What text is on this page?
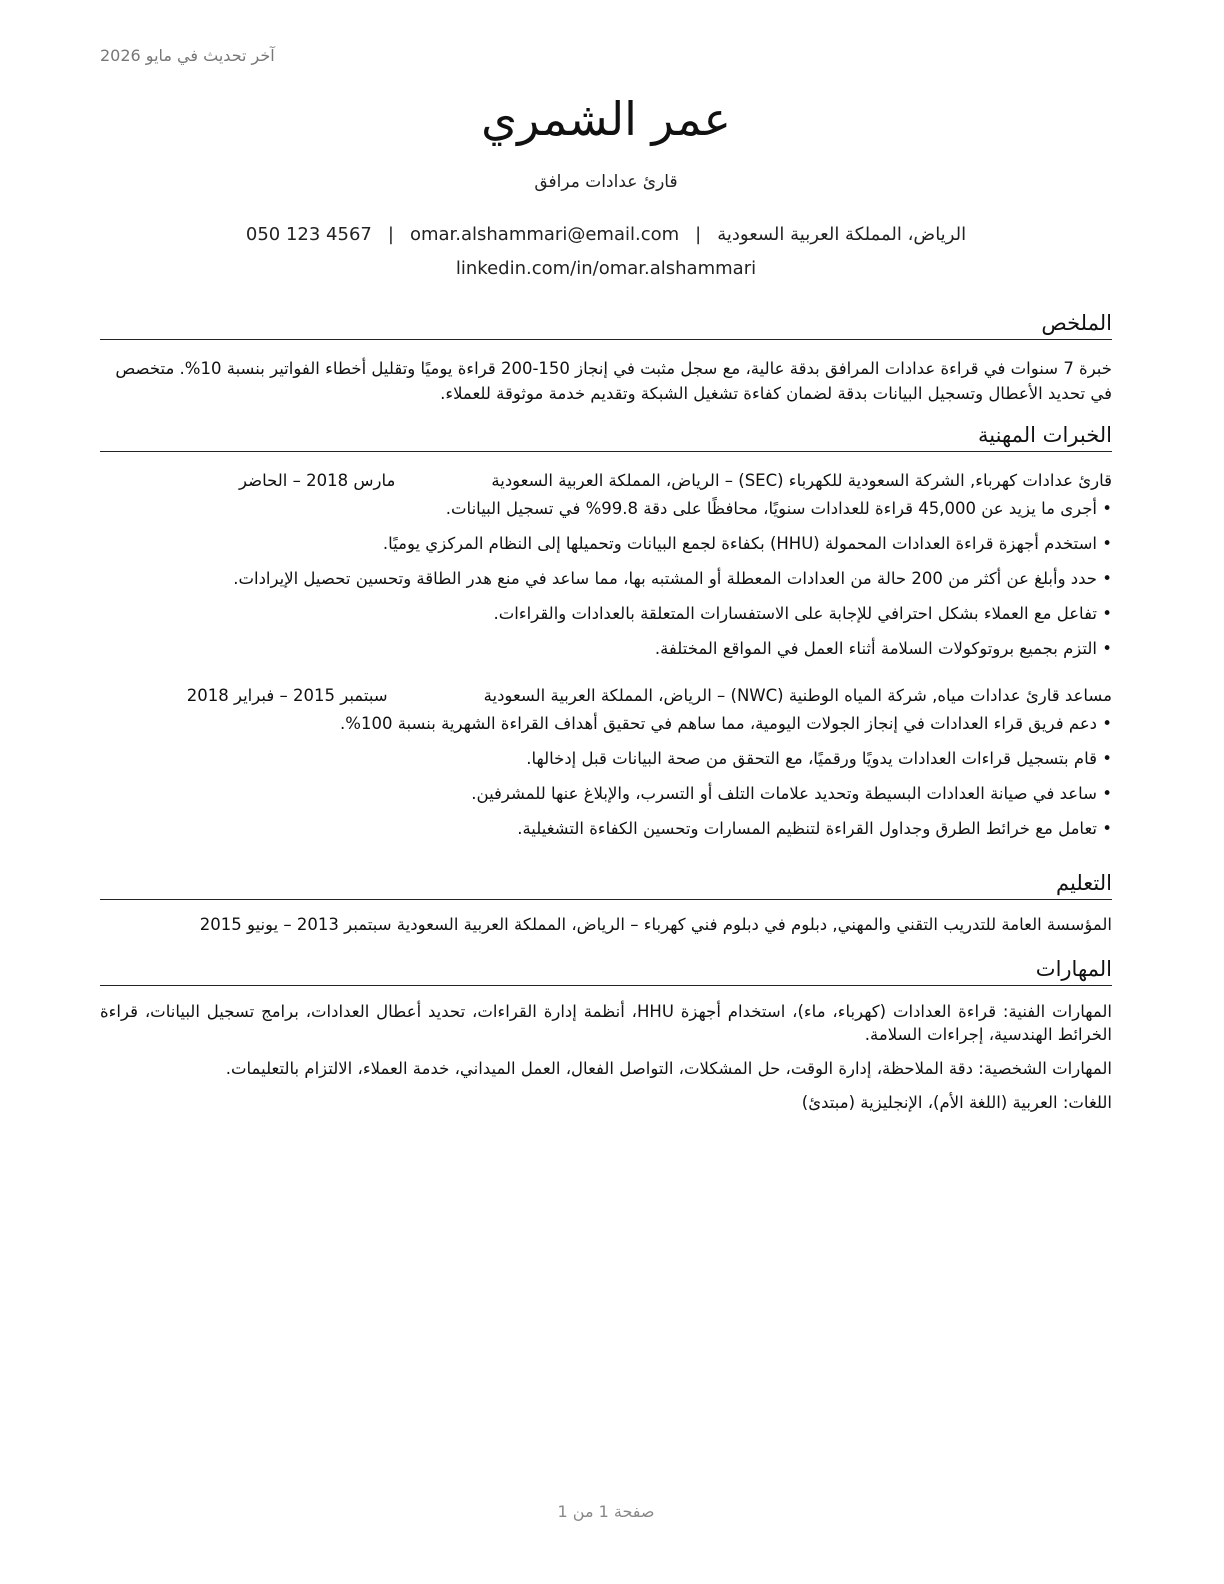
آخر تحديث في مايو 2026
عمر الشمري
قارئ عدادات مرافق
الرياض، المملكة العربية السعودية|omar.alshammari@email.com|050 123 4567
linkedin.com/in/omar.alshammari
الملخص

خبرة 7 سنوات في قراءة عدادات المرافق بدقة عالية، مع سجل مثبت في إنجاز 150-200 قراءة يوميًا وتقليل أخطاء الفواتير بنسبة 10%. متخصص في تحديد الأعطال وتسجيل البيانات بدقة لضمان كفاءة تشغيل الشبكة وتقديم خدمة موثوقة للعملاء.

الخبرات المهنية
قارئ عدادات كهرباء, الشركة السعودية للكهرباء (SEC) – الرياض، المملكة العربية السعودية
مارس 2018 – الحاضر
• أجرى ما يزيد عن 45,000 قراءة للعدادات سنويًا، محافظًا على دقة 99.8% في تسجيل البيانات.
• استخدم أجهزة قراءة العدادات المحمولة (HHU) بكفاءة لجمع البيانات وتحميلها إلى النظام المركزي يوميًا.
• حدد وأبلغ عن أكثر من 200 حالة من العدادات المعطلة أو المشتبه بها، مما ساعد في منع هدر الطاقة وتحسين تحصيل الإيرادات.
• تفاعل مع العملاء بشكل احترافي للإجابة على الاستفسارات المتعلقة بالعدادات والقراءات.
• التزم بجميع بروتوكولات السلامة أثناء العمل في المواقع المختلفة.
مساعد قارئ عدادات مياه, شركة المياه الوطنية (NWC) – الرياض، المملكة العربية السعودية
سبتمبر 2015 – فبراير 2018
• دعم فريق قراء العدادات في إنجاز الجولات اليومية، مما ساهم في تحقيق أهداف القراءة الشهرية بنسبة 100%.
• قام بتسجيل قراءات العدادات يدويًا ورقميًا، مع التحقق من صحة البيانات قبل إدخالها.
• ساعد في صيانة العدادات البسيطة وتحديد علامات التلف أو التسرب، والإبلاغ عنها للمشرفين.
• تعامل مع خرائط الطرق وجداول القراءة لتنظيم المسارات وتحسين الكفاءة التشغيلية.
التعليم

المؤسسة العامة للتدريب التقني والمهني, دبلوم في دبلوم فني كهرباء – الرياض، المملكة العربية السعودية سبتمبر 2013 – يونيو 2015

المهارات

المهارات الفنية: قراءة العدادات (كهرباء، ماء)، استخدام أجهزة HHU، أنظمة إدارة القراءات، تحديد أعطال العدادات، برامج تسجيل البيانات، قراءة الخرائط الهندسية، إجراءات السلامة.

المهارات الشخصية: دقة الملاحظة، إدارة الوقت، حل المشكلات، التواصل الفعال، العمل الميداني، خدمة العملاء، الالتزام بالتعليمات.

اللغات: العربية (اللغة الأم)، الإنجليزية (مبتدئ)

صفحة 1 من 1
